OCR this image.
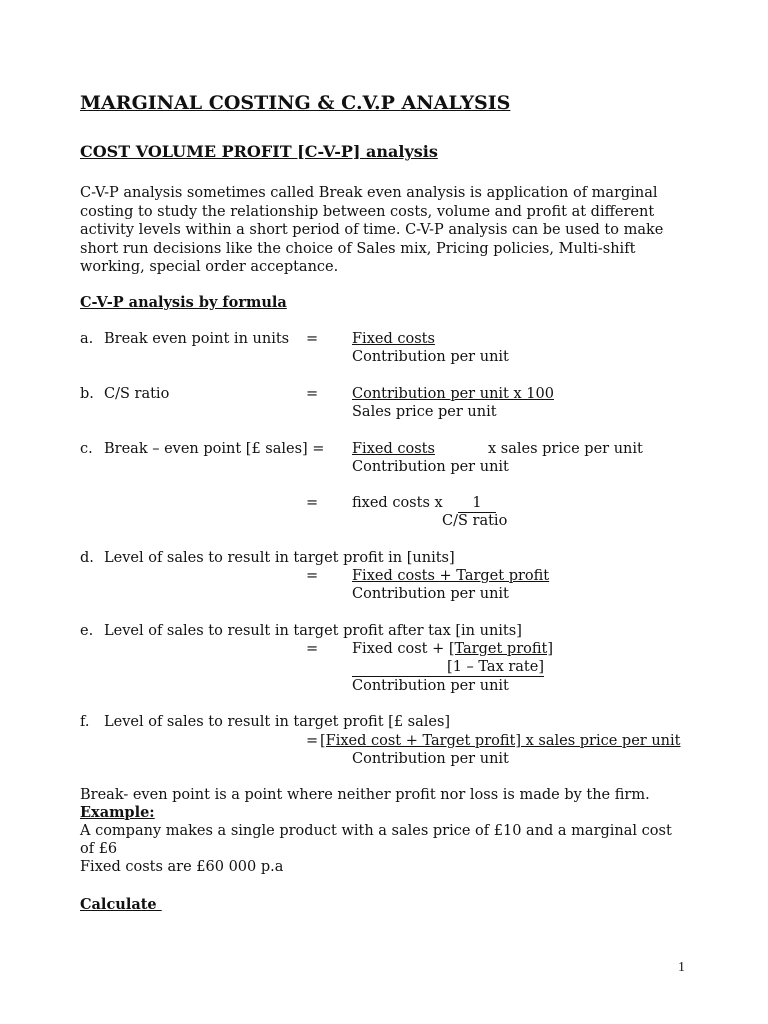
MARGINAL COSTING & C.V.P ANALYSIS
COST VOLUME PROFIT [C-V-P] analysis
C-V-P analysis sometimes called Break even analysis is application of marginal costing to study the relationship between costs, volume and profit at different activity levels within a short period of time. C-V-P analysis can be used to make short run decisions like the choice of Sales mix, Pricing policies, Multi-shift working, special order acceptance.
C-V-P analysis by formula
a. Break even point in units = Fixed costs
Contribution per unit
b. C/S ratio	= Contribution per unit x 100
Sales price per unit
c. Break – even point [£ sales] = Fixed costs	x sales price per unit
Contribution per unit
= fixed costs x	1
C/S ratio
d. Level of sales to result in target profit in [units]
= Fixed costs + Target profit
Contribution per unit
e. Level of sales to result in target profit after tax [in units]
= Fixed cost + [Target profit]
[1 – Tax rate]
Contribution per unit
f. Level of sales to result in target profit [£ sales]
=
[Fixed cost + Target profit] x sales price per unit
Contribution per unit
Break- even point is a point where neither profit nor loss is made by the firm.
Example:
A company makes a single product with a sales price of £10 and a marginal cost
of £6
Fixed costs are £60 000 p.a
Calculate
1
